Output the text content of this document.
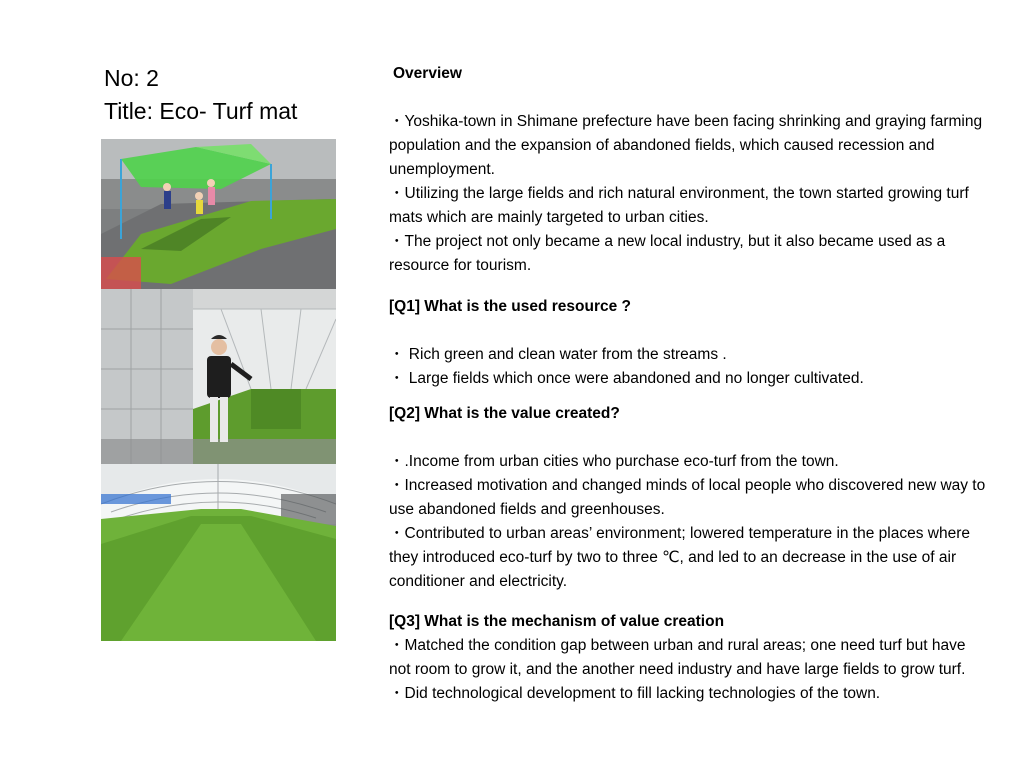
No: 2
Title: Eco- Turf mat
Overview

・Yoshika-town in Shimane prefecture have been facing shrinking and graying farming population and the expansion of abandoned fields, which caused recession and unemployment.

・Utilizing the large fields and rich natural environment, the town started growing turf mats which are mainly targeted to urban cities.

・The project not only became a new local industry, but it also became used as a resource for tourism.

[Q1] What is the used resource ?

・ Rich green and clean water from the streams .

・ Large fields which once were abandoned and no longer cultivated.

[Q2] What is the value created?

・.Income from urban cities who purchase eco-turf from the town.

・Increased motivation and changed minds of local people who discovered new way to use abandoned fields and greenhouses.

・Contributed to urban areas’ environment; lowered temperature in the places where they introduced eco-turf by two to three ℃, and led to an decrease in the use of air conditioner and electricity.

[Q3] What is the mechanism of value creation

・Matched the condition gap between urban and rural areas; one need turf but have not room to grow it, and the another need industry and have large fields to grow turf.

・Did technological development to fill lacking technologies of the town.
